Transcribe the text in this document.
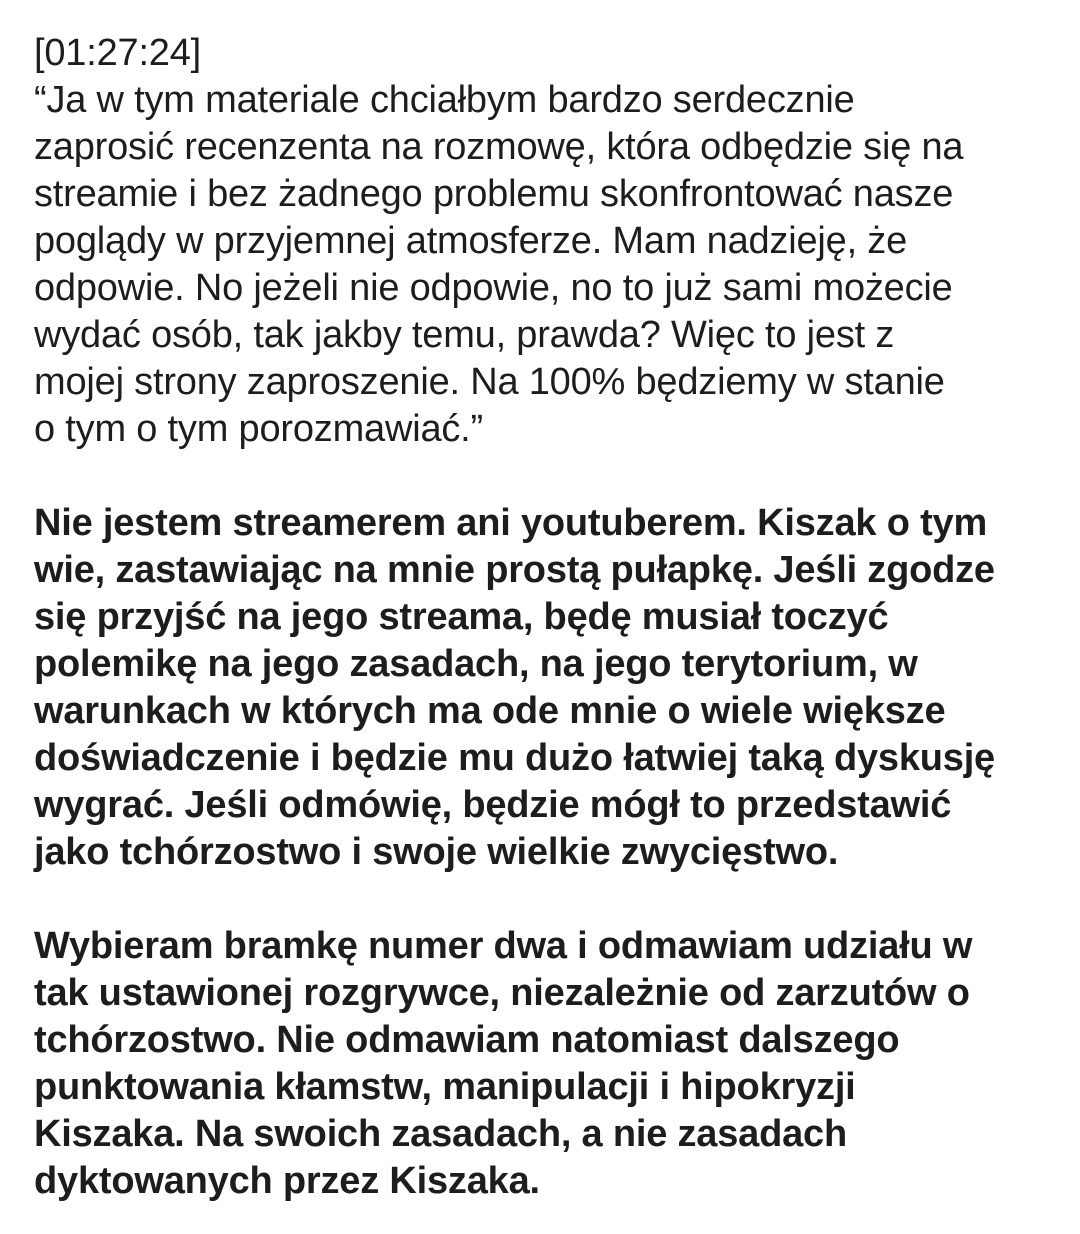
[01:27:24]
“Ja w tym materiale chciałbym bardzo serdecznie
zaprosić recenzenta na rozmowę, która odbędzie się na
streamie i bez żadnego problemu skonfrontować nasze
poglądy w przyjemnej atmosferze. Mam nadzieję, że
odpowie. No jeżeli nie odpowie, no to już sami możecie
wydać osób, tak jakby temu, prawda? Więc to jest z
mojej strony zaproszenie. Na 100% będziemy w stanie
o tym o tym porozmawiać.”
Nie jestem streamerem ani youtuberem. Kiszak o tym
wie, zastawiając na mnie prostą pułapkę. Jeśli zgodze
się przyjść na jego streama, będę musiał toczyć
polemikę na jego zasadach, na jego terytorium, w
warunkach w których ma ode mnie o wiele większe
doświadczenie i będzie mu dużo łatwiej taką dyskusję
wygrać. Jeśli odmówię, będzie mógł to przedstawić
jako tchórzostwo i swoje wielkie zwycięstwo.
Wybieram bramkę numer dwa i odmawiam udziału w
tak ustawionej rozgrywce, niezależnie od zarzutów o
tchórzostwo. Nie odmawiam natomiast dalszego
punktowania kłamstw, manipulacji i hipokryzji
Kiszaka. Na swoich zasadach, a nie zasadach
dyktowanych przez Kiszaka.
